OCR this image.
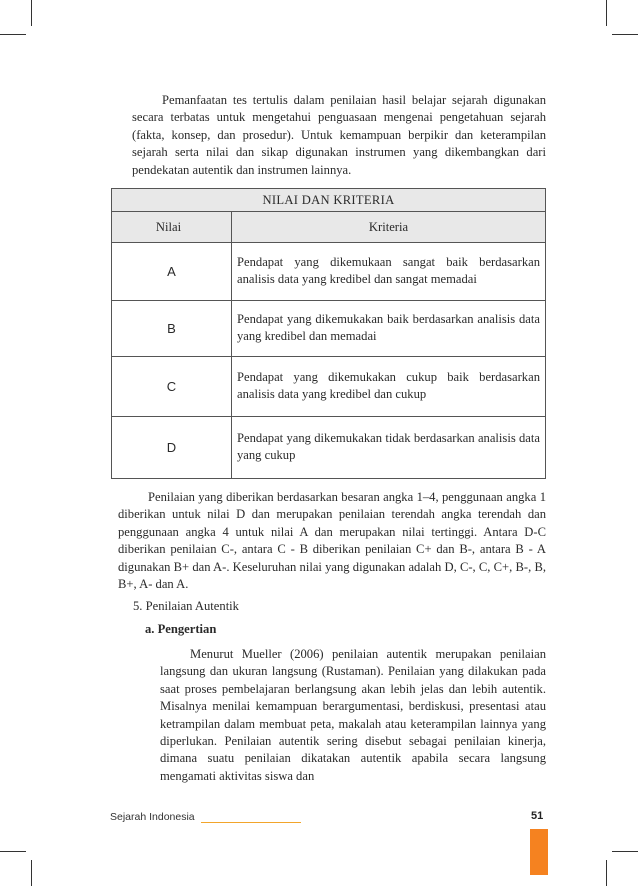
Pemanfaatan tes tertulis dalam penilaian hasil belajar sejarah digunakan secara terbatas untuk mengetahui penguasaan mengenai pengetahuan sejarah (fakta, konsep, dan prosedur). Untuk kemampuan berpikir dan keterampilan sejarah serta nilai dan sikap digunakan instrumen yang dikembangkan dari pendekatan autentik dan instrumen lainnya.

NILAI DAN KRITERIA	
Nilai	Kriteria
A	Pendapat yang dikemukaan sangat baik berdasarkan analisis data yang kredibel dan sangat memadai
B	Pendapat yang dikemukakan baik berdasarkan analisis data yang kredibel dan memadai
C	Pendapat yang dikemukakan cukup baik berdasarkan analisis data yang kredibel dan cukup
D	Pendapat yang dikemukakan tidak berdasarkan analisis data yang cukup

Penilaian yang diberikan berdasarkan besaran angka 1–4, penggunaan angka 1 diberikan untuk nilai D dan merupakan penilaian terendah angka terendah dan penggunaan angka 4 untuk nilai A dan merupakan nilai tertinggi. Antara D-C diberikan penilaian C-, antara C - B diberikan penilaian C+ dan B-, antara B - A digunakan B+ dan A-. Keseluruhan nilai yang digunakan adalah D, C-, C, C+, B-, B, B+, A- dan A.

5. Penilaian Autentik

a. Pengertian

Menurut Mueller (2006) penilaian autentik merupakan penilaian langsung dan ukuran langsung (Rustaman). Penilaian yang dilakukan pada saat proses pembelajaran berlangsung akan lebih jelas dan lebih autentik. Misalnya menilai kemampuan berargumentasi, berdiskusi, presentasi atau ketrampilan dalam membuat peta, makalah atau keterampilan lainnya yang diperlukan. Penilaian autentik sering disebut sebagai penilaian kinerja, dimana suatu penilaian dikatakan autentik apabila secara langsung mengamati aktivitas siswa dan

Sejarah Indonesia	51
